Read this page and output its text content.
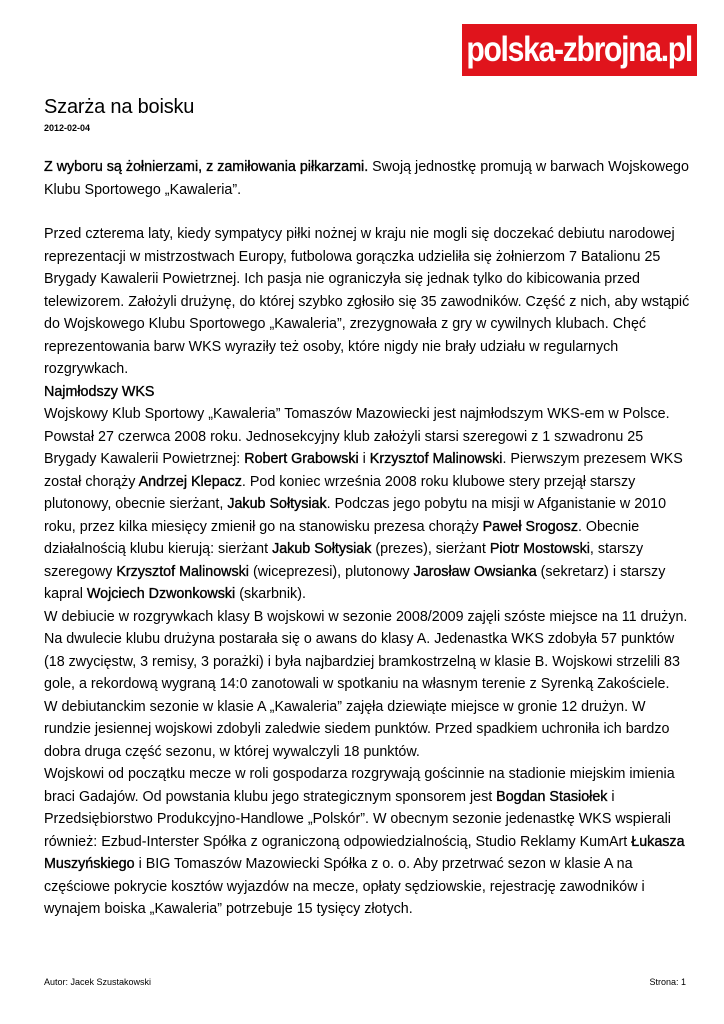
polska-zbrojna.pl
Szarża na boisku
2012-02-04

Z wyboru są żołnierzami, z zamiłowania piłkarzami. Swoją jednostkę promują w barwach Wojskowego Klubu Sportowego „Kawaleria”.

Przed czterema laty, kiedy sympatycy piłki nożnej w kraju nie mogli się doczekać debiutu narodowej reprezentacji w mistrzostwach Europy, futbolowa gorączka udzieliła się żołnierzom 7 Batalionu 25 Brygady Kawalerii Powietrznej. Ich pasja nie ograniczyła się jednak tylko do kibicowania przed telewizorem. Założyli drużynę, do której szybko zgłosiło się 35 zawodników. Część z nich, aby wstąpić do Wojskowego Klubu Sportowego „Kawaleria”, zrezygnowała z gry w cywilnych klubach. Chęć reprezentowania barw WKS wyraziły też osoby, które nigdy nie brały udziału w regularnych rozgrywkach.

Najmłodszy WKS

Wojskowy Klub Sportowy „Kawaleria” Tomaszów Mazowiecki jest najmłodszym WKS-em w Polsce. Powstał 27 czerwca 2008 roku. Jednosekcyjny klub założyli starsi szeregowi z 1 szwadronu 25 Brygady Kawalerii Powietrznej: Robert Grabowski i Krzysztof Malinowski. Pierwszym prezesem WKS został chorąży Andrzej Klepacz. Pod koniec września 2008 roku klubowe stery przejął starszy plutonowy, obecnie sierżant, Jakub Sołtysiak. Podczas jego pobytu na misji w Afganistanie w 2010 roku, przez kilka miesięcy zmienił go na stanowisku prezesa chorąży Paweł Srogosz. Obecnie działalnością klubu kierują: sierżant Jakub Sołtysiak (prezes), sierżant Piotr Mostowski, starszy szeregowy Krzysztof Malinowski (wiceprezesi), plutonowy Jarosław Owsianka (sekretarz) i starszy kapral Wojciech Dzwonkowski (skarbnik).

W debiucie w rozgrywkach klasy B wojskowi w sezonie 2008/2009 zajęli szóste miejsce na 11 drużyn. Na dwulecie klubu drużyna postarała się o awans do klasy A. Jedenastka WKS zdobyła 57 punktów (18 zwycięstw, 3 remisy, 3 porażki) i była najbardziej bramkostrzelną w klasie B. Wojskowi strzelili 83 gole, a rekordową wygraną 14:0 zanotowali w spotkaniu na własnym terenie z Syrenką Zakościele.

W debiutanckim sezonie w klasie A „Kawaleria” zajęła dziewiąte miejsce w gronie 12 drużyn. W rundzie jesiennej wojskowi zdobyli zaledwie siedem punktów. Przed spadkiem uchroniła ich bardzo dobra druga część sezonu, w której wywalczyli 18 punktów.

Wojskowi od początku mecze w roli gospodarza rozgrywają gościnnie na stadionie miejskim imienia braci Gadajów. Od powstania klubu jego strategicznym sponsorem jest Bogdan Stasiołek i Przedsiębiorstwo Produkcyjno-Handlowe „Polskór”. W obecnym sezonie jedenastkę WKS wspierali również: Ezbud-Interster Spółka z ograniczoną odpowiedzialnością, Studio Reklamy KumArt Łukasza Muszyńskiego i BIG Tomaszów Mazowiecki Spółka z o. o. Aby przetrwać sezon w klasie A na częściowe pokrycie kosztów wyjazdów na mecze, opłaty sędziowskie, rejestrację zawodników i wynajem boiska „Kawaleria” potrzebuje 15 tysięcy złotych.

Autor: Jacek Szustakowski	Strona: 1
